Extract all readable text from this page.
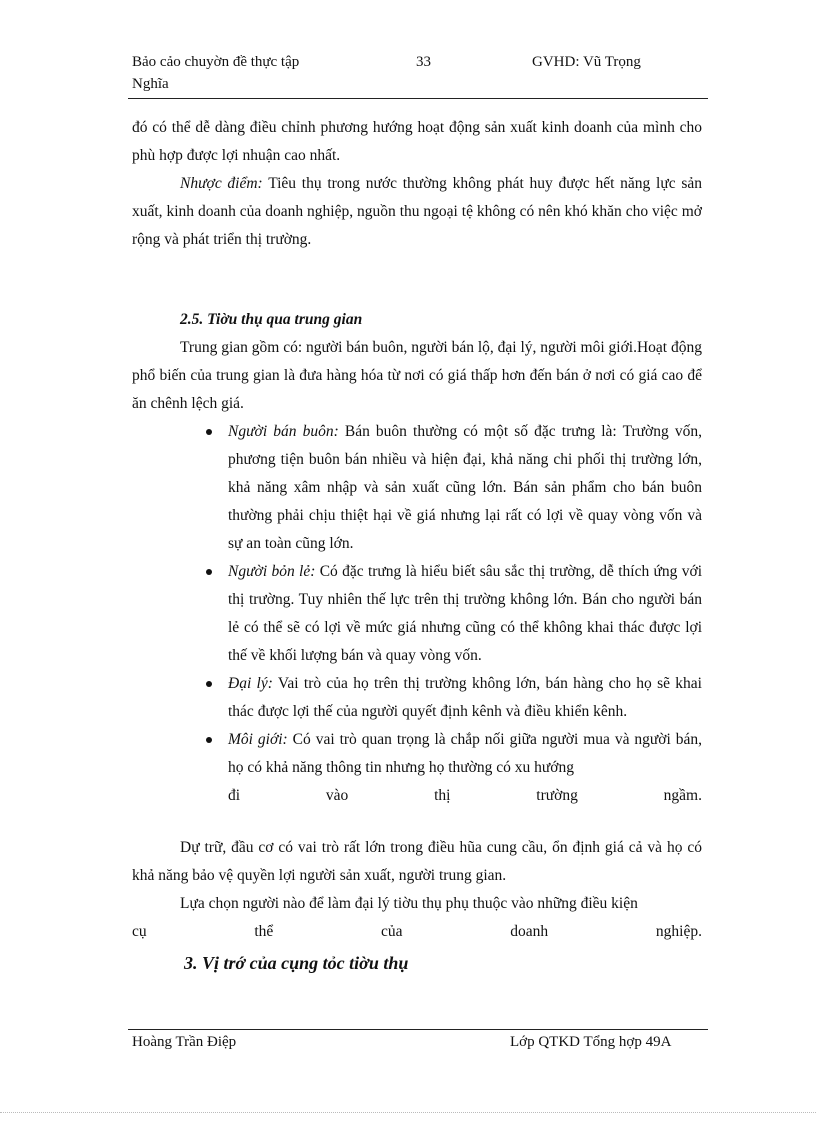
Bảo cảo chuyờn đề thực tập
Nghĩa
33	GVHD: Vũ Trọng
đó có thể dễ dàng điều chỉnh phương hướng hoạt động sản xuất kinh doanh của mình cho phù hợp được lợi nhuận cao nhất.
Nhược điểm: Tiêu thụ trong nước thường không phát huy được hết năng lực sản xuất, kinh doanh của doanh nghiệp, nguồn thu ngoại tệ không có nên khó khăn cho việc mở rộng và phát triển thị trường.
2.5. Tiờu thụ qua trung gian
Trung gian gồm có: người bán buôn, người bán lộ, đại lý, người môi giới.Hoạt động phổ biến của trung gian là đưa hàng hóa từ nơi có giá thấp hơn đến bán ở nơi có giá cao để ăn chênh lệch giá.
Người bán buôn: Bán buôn thường có một số đặc trưng là: Trường vốn, phương tiện buôn bán nhiều và hiện đại, khả năng chi phối thị trường lớn, khả năng xâm nhập và sản xuất cũng lớn. Bán sản phẩm cho bán buôn thường phải chịu thiệt hại về giá nhưng lại rất có lợi về quay vòng vốn và sự an toàn cũng lớn.
Người bỏn lẻ: Có đặc trưng là hiểu biết sâu sắc thị trường, dễ thích ứng với thị trường. Tuy nhiên thế lực trên thị trường không lớn. Bán cho người bán lẻ có thể sẽ có lợi về mức giá nhưng cũng có thể không khai thác được lợi thế về khối lượng bán và quay vòng vốn.
Đại lý: Vai trò của họ trên thị trường không lớn, bán hàng cho họ sẽ khai thác được lợi thế của người quyết định kênh và điều khiển kênh.
Môi giới: Có vai trò quan trọng là chắp nối giữa người mua và người bán, họ có khả năng thông tin nhưng họ thường có xu hướng
đi	vào	thị	trường	ngầm.
Dự trữ, đầu cơ có vai trò rất lớn trong điều hũa cung cầu, ổn định giá cả và họ có khả năng bảo vệ quyền lợi người sản xuất, người trung gian.
Lựa chọn người nào để làm đại lý tiờu thụ phụ thuộc vào những điều kiện
cụ	thể	của	doanh	nghiệp.
3. Vị trớ của cụng tỏc tiờu thụ
Hoàng Trần Điệp	Lớp QTKD Tổng hợp 49A
